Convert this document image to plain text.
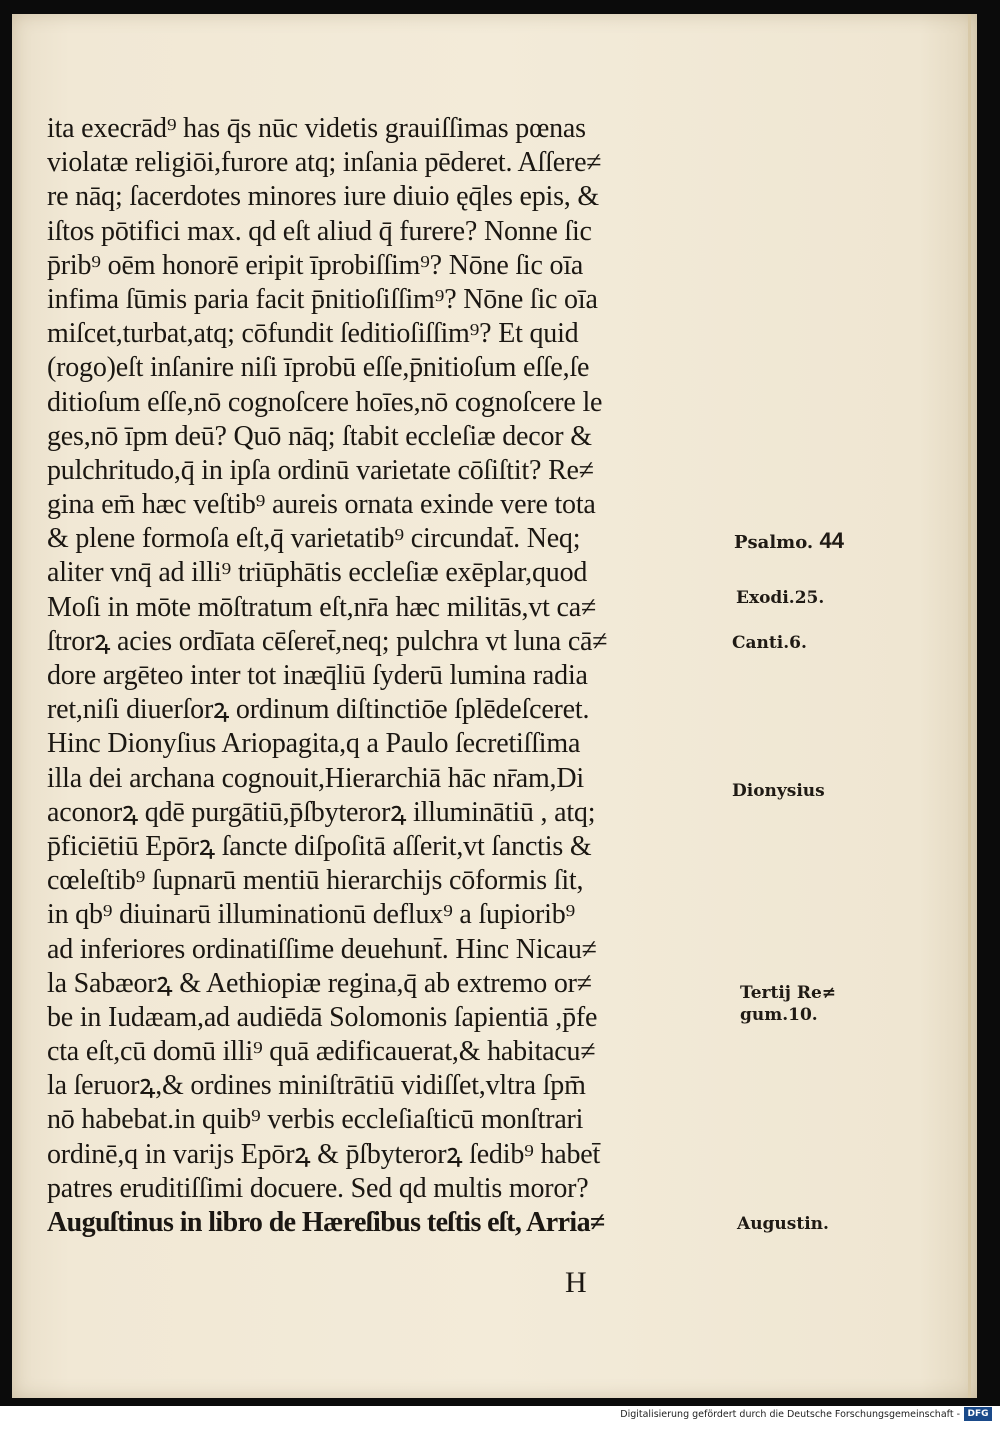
ita execrād⁹ has q̄s nūc videtis grauiſſimas pœnas
violatæ religiōi,furore atq; inſania pēderet. Aſſere≠
re nāq; ſacerdotes minores iure diuio ęq̄les epis, &
iſtos pōtifici max. qd eſt aliud q̄ furere? Nonne ſic
p̄rib⁹ oēm honorē eripit īprobiſſim⁹? Nōne ſic oīa
infima ſūmis paria facit p̄nitioſiſſim⁹? Nōne ſic oīa
miſcet,turbat,atq; cōfundit ſeditioſiſſim⁹? Et quid
(rogo)eſt inſanire niſi īprobū eſſe,p̄nitioſum eſſe,ſe
ditioſum eſſe,nō cognoſcere hoīes,nō cognoſcere le
ges,nō īpm deū? Quō nāq; ſtabit eccleſiæ decor &
pulchritudo,q̄ in ipſa ordinū varietate cōſiſtit? Re≠
gina em̄ hæc veſtib⁹ aureis ornata exinde vere tota
& plene formoſa eſt,q̄ varietatib⁹ circundat̄. Neq;
aliter vnq̄ ad illi⁹ triūphātis eccleſiæ exēplar,quod
Moſi in mōte mōſtratum eſt,nr̄a hæc militās,vt ca≠
ſtrorꝝ acies ordīata cēſeret̄,neq; pulchra vt luna cā≠
dore argēteo inter tot inæq̄liū ſyderū lumina radia
ret,niſi diuerſorꝝ ordinum diſtinctiōe ſplēdeſceret.
Hinc Dionyſius Ariopagita,q a Paulo ſecretiſſima
illa dei archana cognouit,Hierarchiā hāc nr̄am,Di
aconorꝝ qdē purgātiū,p̄ſbyterorꝝ illuminātiū , atq;
p̄ficiētiū Epōrꝝ ſancte diſpoſitā aſſerit,vt ſanctis &
cœleſtib⁹ ſupnarū mentiū hierarchijs cōformis ſit,
in qb⁹ diuinarū illuminationū deflux⁹ a ſupiorib⁹
ad inferiores ordinatiſſime deuehunt̄. Hinc Nicau≠
la Sabæorꝝ & Aethiopiæ regina,q̄ ab extremo or≠
be in Iudæam,ad audiēdā Solomonis ſapientiā ,p̄fe
cta eſt,cū domū illi⁹ quā ædificauerat,& habitacu≠
la ſeruorꝝ,& ordines miniſtrātiū vidiſſet,vltra ſpm̄
nō habebat.in quib⁹ verbis eccleſiaſticū monſtrari
ordinē,q in varijs Epōrꝝ & p̄ſbyterorꝝ ſedib⁹ habet̄
patres eruditiſſimi docuere. Sed qd multis moror?
Auguſtinus in libro de Hæreſibus teſtis eſt, Arria≠
Psalmo. 44
Exodi.25.
Canti.6.
Dionysius
Tertij Re≠
gum.10.
Augustin.
H
Digitalisierung gefördert durch die Deutsche Forschungsgemeinschaft - DFG
